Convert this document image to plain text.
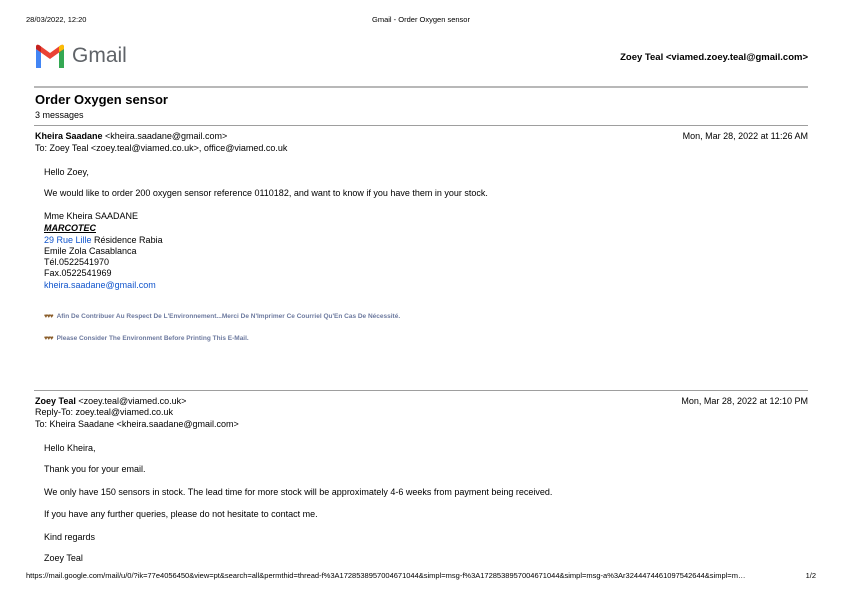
28/03/2022, 12:20	Gmail - Order Oxygen sensor
Gmail	Zoey Teal <viamed.zoey.teal@gmail.com>
Order Oxygen sensor
3 messages
Kheira Saadane <kheira.saadane@gmail.com>	Mon, Mar 28, 2022 at 11:26 AM
To: Zoey Teal <zoey.teal@viamed.co.uk>, office@viamed.co.uk
Hello Zoey,
We would like to order 200 oxygen sensor reference 0110182, and want to know if you have them in your stock.
Mme Kheira SAADANE
MARCOTEC
29 Rue Lille Résidence Rabia
Emile Zola Casablanca
Tél.0522541970
Fax.0522541969
kheira.saadane@gmail.com
♥♥♥ Afin De Contribuer Au Respect De L'Environnement...Merci De N'Imprimer Ce Courriel Qu'En Cas De Nécessité.
♥♥♥ Please Consider The Environment Before Printing This E-Mail.
Zoey Teal <zoey.teal@viamed.co.uk>	Mon, Mar 28, 2022 at 12:10 PM
Reply-To: zoey.teal@viamed.co.uk
To: Kheira Saadane <kheira.saadane@gmail.com>
Hello Kheira,
Thank you for your email.
We only have 150 sensors in stock. The lead time for more stock will be approximately 4-6 weeks from payment being received.
If you have any further queries, please do not hesitate to contact me.
Kind regards
Zoey Teal
https://mail.google.com/mail/u/0/?ik=77e4056450&view=pt&search=all&permthid=thread-f%3A1728538957004671044&simpl=msg-f%3A1728538957004671044&simpl=msg-a%3Ar3244474461097542644&simpl=m…	1/2
